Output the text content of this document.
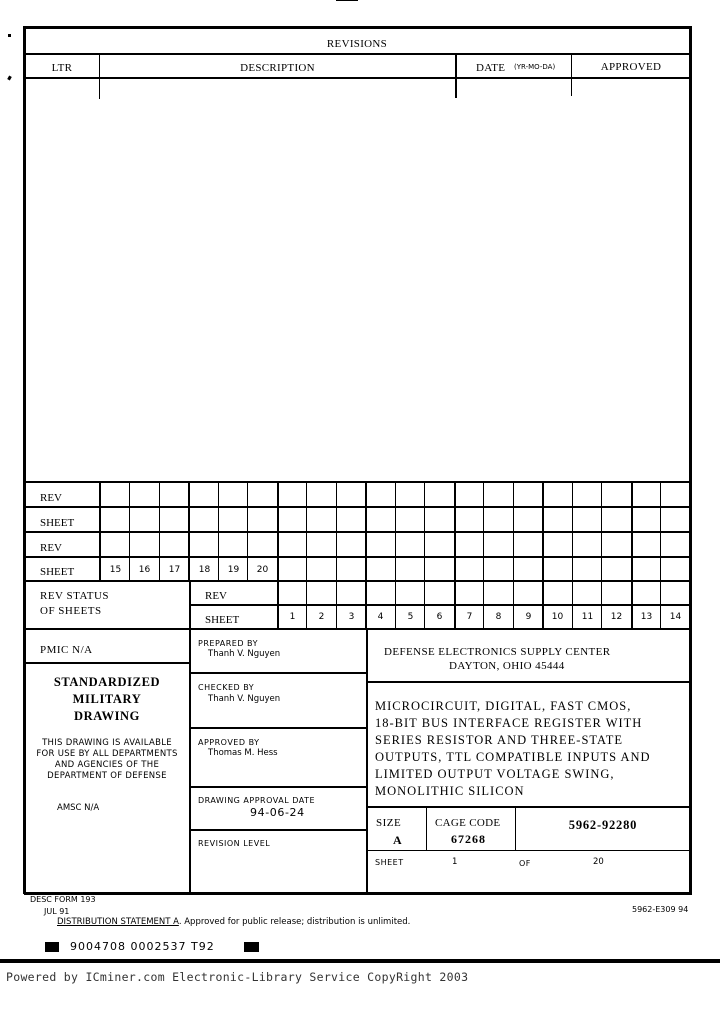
REVISIONS
LTR	DESCRIPTION	DATE (YR-MO-DA)	APPROVED
REV
SHEET
REV
SHEET	15	16	17	18	19	20
REV STATUS
OF SHEETS
REV
SHEET	1	2	3	4	5	6	7	8	9	10	11	12	13	14
PMIC N/A
STANDARDIZED
MILITARY
DRAWING
THIS DRAWING IS AVAILABLE
FOR USE BY ALL DEPARTMENTS
AND AGENCIES OF THE
DEPARTMENT OF DEFENSE
AMSC N/A
PREPARED BY
Thanh V. Nguyen
CHECKED BY
Thanh V. Nguyen
APPROVED BY
Thomas M. Hess
DRAWING APPROVAL DATE
94-06-24
REVISION LEVEL
DEFENSE ELECTRONICS SUPPLY CENTER
DAYTON, OHIO 45444
MICROCIRCUIT, DIGITAL, FAST CMOS,
18-BIT BUS INTERFACE REGISTER WITH
SERIES RESISTOR AND THREE-STATE
OUTPUTS, TTL COMPATIBLE INPUTS AND
LIMITED OUTPUT VOLTAGE SWING,
MONOLITHIC SILICON
SIZE
A
CAGE CODE
67268
5962-92280
SHEET	1	OF	20
DESC FORM 193
JUL 91	5962-E309 94
DISTRIBUTION STATEMENT A. Approved for public release; distribution is unlimited.
9004708 0002537 T92
Powered by ICminer.com Electronic-Library Service CopyRight 2003
